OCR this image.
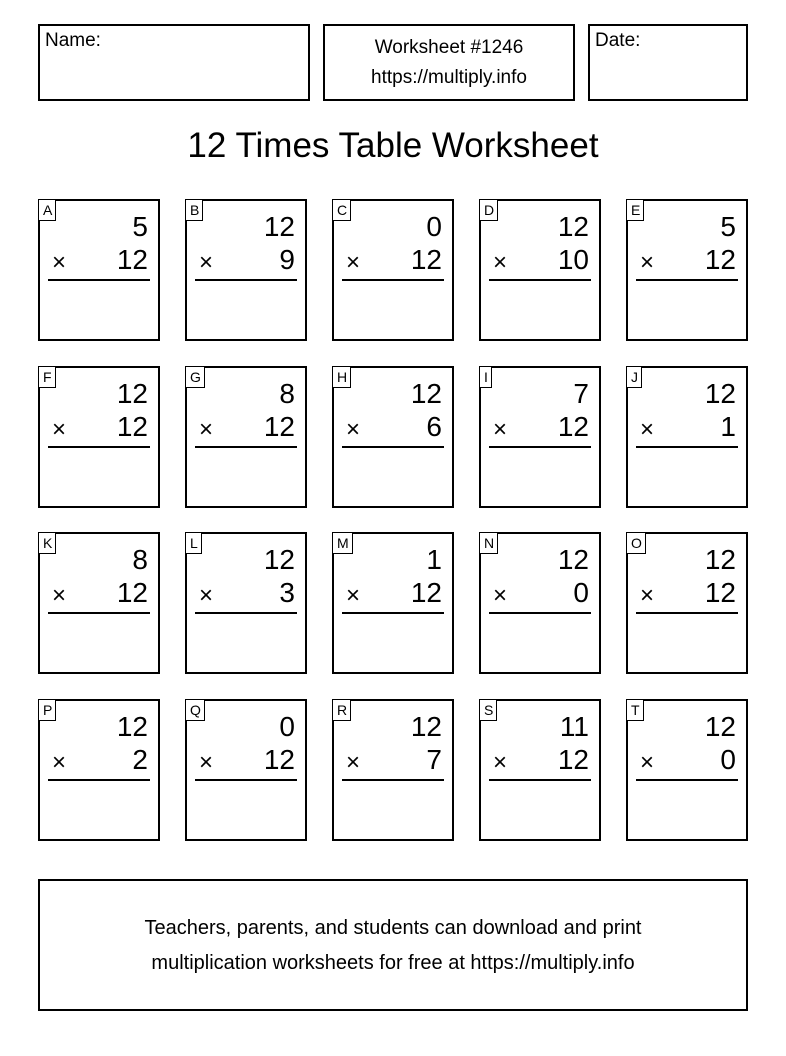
Name:	Worksheet #1246
https://multiply.info
Date:
12 Times Table Worksheet
A
5
× 12
B
12
× 9
C
0
× 12
D
12
× 10
E
5
× 12
F
12
× 12
G
8
× 12
H
12
× 6
I
7
× 12
J
12
× 1
K
8
× 12
L
12
× 3
M
1
× 12
N
12
× 0
O
12
× 12
P
12
× 2
Q
0
× 12
R
12
× 7
S
11
× 12
T
12
× 0
Teachers, parents, and students can download and print
multiplication worksheets for free at https://multiply.info
